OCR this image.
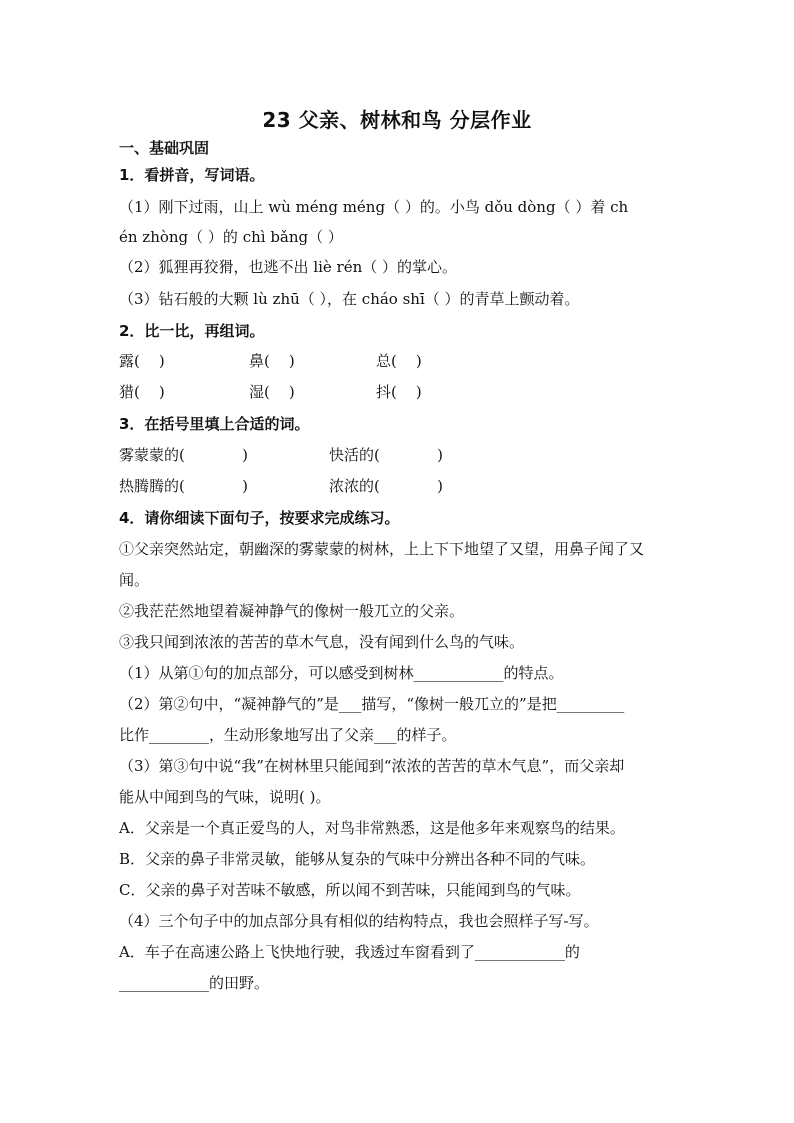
23 父亲、树林和鸟 分层作业
一、基础巩固
1．看拼音，写词语。
（1）刚下过雨，山上 wù méng méng（ ）的。小鸟 dǒu dòng（ ）着 ch
én zhòng（ ）的 chì bǎng（ ）
（2）狐狸再狡猾，也逃不出 liè rén（ ）的掌心。
（3）钻石般的大颗 lù zhū（ ），在 cháo shī（ ）的青草上颤动着。
2．比一比，再组词。
露(    )	鼻(    )	总(    )
猎(    )	湿(    )	抖(    )
3．在括号里填上合适的词。
雾蒙蒙的(            )	快活的(            )
热腾腾的(            )	浓浓的(            )
4．请你细读下面句子，按要求完成练习。
①父亲突然站定，朝幽深的雾蒙蒙的树林，上上下下地望了又望，用鼻子闻了又
闻。
②我茫茫然地望着凝神静气的像树一般兀立的父亲。
③我只闻到浓浓的苦苦的草木气息，没有闻到什么鸟的气味。
（1）从第①句的加点部分，可以感受到树林____________的特点。
（2）第②句中，“凝神静气的”是___描写，“像树一般兀立的”是把_________
比作________，生动形象地写出了父亲___的样子。
（3）第③句中说“我”在树林里只能闻到“浓浓的苦苦的草木气息”，而父亲却
能从中闻到鸟的气味，说明( )。
A．父亲是一个真正爱鸟的人，对鸟非常熟悉，这是他多年来观察鸟的结果。
B．父亲的鼻子非常灵敏，能够从复杂的气味中分辨出各种不同的气味。
C．父亲的鼻子对苦味不敏感，所以闻不到苦味，只能闻到鸟的气味。
（4）三个句子中的加点部分具有相似的结构特点，我也会照样子写-写。
A．车子在高速公路上飞快地行驶，我透过车窗看到了____________的
____________的田野。
